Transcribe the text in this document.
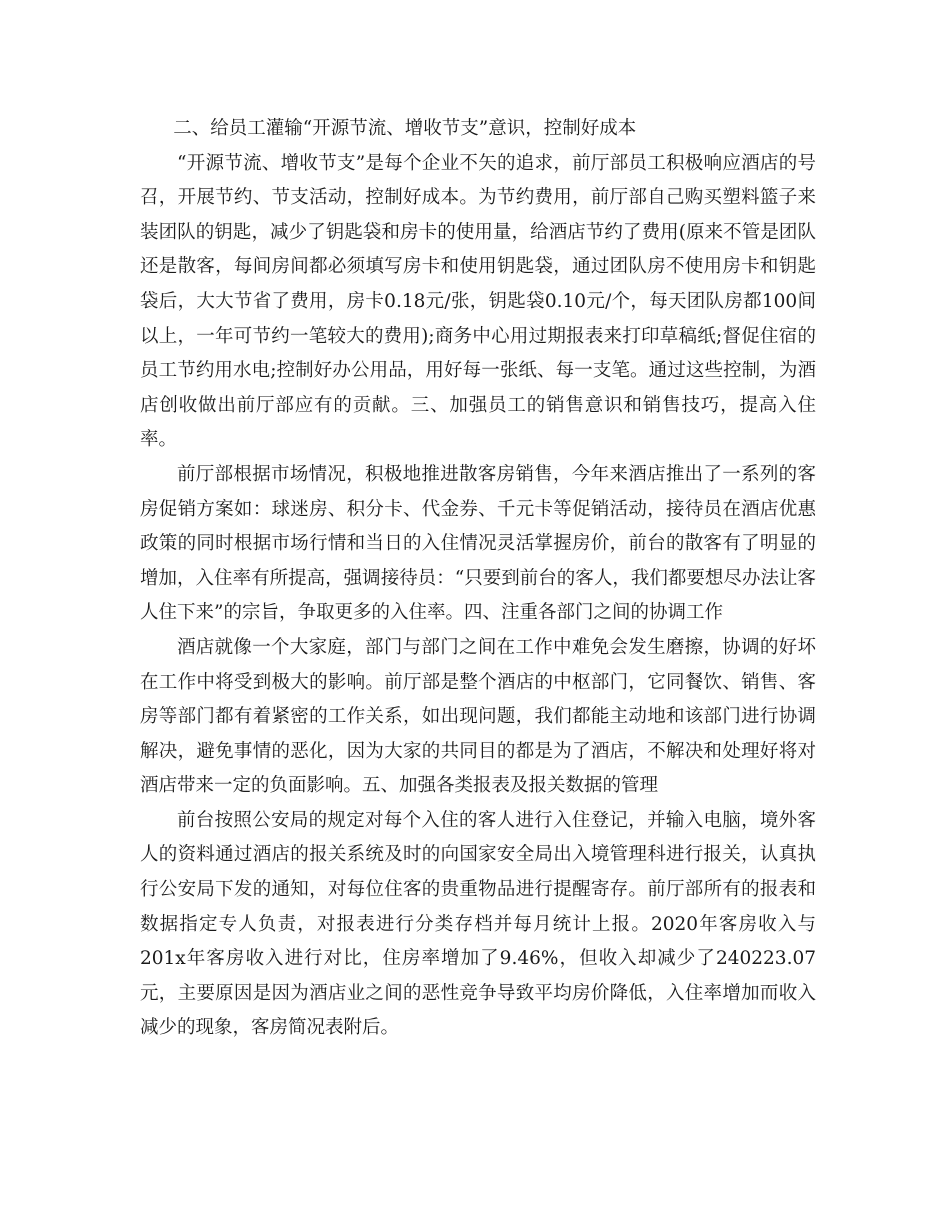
二、给员工灌输“开源节流、增收节支”意识，控制好成本

“开源节流、增收节支”是每个企业不矢的追求，前厅部员工积极响应酒店的号召，开展节约、节支活动，控制好成本。为节约费用，前厅部自己购买塑料篮子来装团队的钥匙，减少了钥匙袋和房卡的使用量，给酒店节约了费用(原来不管是团队还是散客，每间房间都必须填写房卡和使用钥匙袋，通过团队房不使用房卡和钥匙袋后，大大节省了费用，房卡0.18元/张，钥匙袋0.10元/个，每天团队房都100间以上，一年可节约一笔较大的费用);商务中心用过期报表来打印草稿纸;督促住宿的员工节约用水电;控制好办公用品，用好每一张纸、每一支笔。通过这些控制，为酒店创收做出前厅部应有的贡献。三、加强员工的销售意识和销售技巧，提高入住率。

前厅部根据市场情况，积极地推进散客房销售，今年来酒店推出了一系列的客房促销方案如：球迷房、积分卡、代金券、千元卡等促销活动，接待员在酒店优惠政策的同时根据市场行情和当日的入住情况灵活掌握房价，前台的散客有了明显的增加，入住率有所提高，强调接待员：“只要到前台的客人，我们都要想尽办法让客人住下来”的宗旨，争取更多的入住率。四、注重各部门之间的协调工作

酒店就像一个大家庭，部门与部门之间在工作中难免会发生磨擦，协调的好坏在工作中将受到极大的影响。前厅部是整个酒店的中枢部门，它同餐饮、销售、客房等部门都有着紧密的工作关系，如出现问题，我们都能主动地和该部门进行协调解决，避免事情的恶化，因为大家的共同目的都是为了酒店，不解决和处理好将对酒店带来一定的负面影响。五、加强各类报表及报关数据的管理

前台按照公安局的规定对每个入住的客人进行入住登记，并输入电脑，境外客人的资料通过酒店的报关系统及时的向国家安全局出入境管理科进行报关，认真执行公安局下发的通知，对每位住客的贵重物品进行提醒寄存。前厅部所有的报表和数据指定专人负责，对报表进行分类存档并每月统计上报。2020年客房收入与201x年客房收入进行对比，住房率增加了9.46%，但收入却减少了240223.07元，主要原因是因为酒店业之间的恶性竞争导致平均房价降低，入住率增加而收入减少的现象，客房简况表附后。
